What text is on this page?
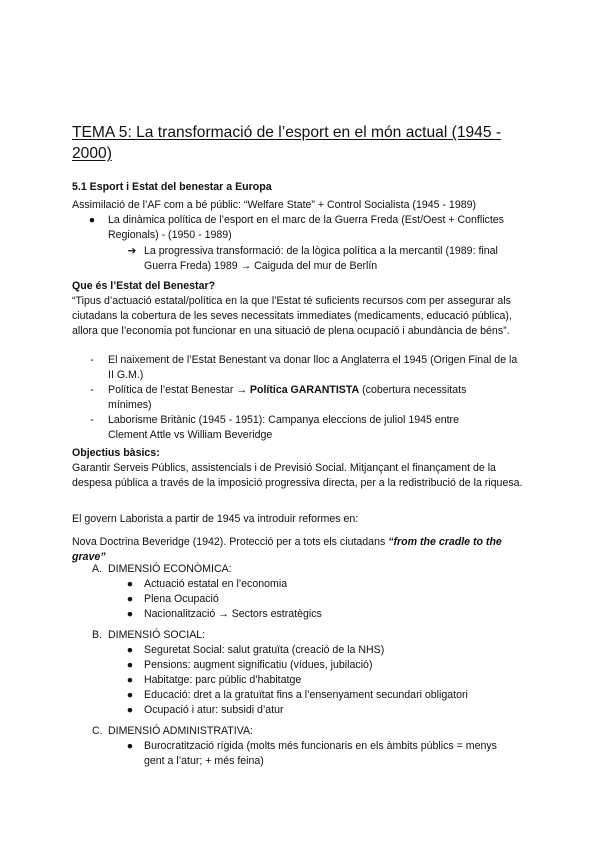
TEMA 5: La transformació de l’esport en el món actual (1945 - 2000)
5.1 Esport i Estat del benestar a Europa
Assimilació de l’AF com a bé públic: “Welfare State” + Control Socialista (1945 - 1989)
● La dinàmica política de l’esport en el marc de la Guerra Freda (Est/Oest + Conflictes Regionals) - (1950 - 1989)

➔ La progressiva transformació: de la lògica política a la mercantil (1989: final Guerra Freda) 1989 → Caiguda del mur de Berlín

Que és l’Estat del Benestar?

“Tipus d’actuació estatal/política en la que l’Estat té suficients recursos com per assegurar als ciutadans la cobertura de les seves necessitats immediates (medicaments, educació pública), allora que l’economia pot funcionar en una situació de plena ocupació i abundància de béns”.

-	El naixement de l’Estat Benestant va donar lloc a Anglaterra el 1945 (Origen Final de la II G.M.)

-	Política de l’estat Benestar → Política GARANTISTA (cobertura necessitats mínimes)

-	Laborisme Britànic (1945 - 1951): Campanya eleccions de juliol 1945 entre Clement Attle vs William Beveridge

Objectius bàsics:

Garantir Serveis Públics, assistencials i de Previsió Social. Mitjançant el finançament de la despesa pública a través de la imposició progressiva directa, per a la redistribució de la riquesa.

El govern Laborista a partir de 1945 va introduir reformes en:

Nova Doctrina Beveridge (1942). Protecció per a tots els ciutadans “from the cradle to the grave”

A. DIMENSIÓ ECONÒMICA:
● Actuació estatal en l’economia
● Plena Ocupació
● Nacionalització → Sectors estratègics
B. DIMENSIÓ SOCIAL:
● Seguretat Social: salut gratuïta (creació de la NHS)
● Pensions: augment significatiu (vídues, jubilació)
● Habitatge: parc públic d’habitatge
● Educació: dret a la gratuïtat fins a l’ensenyament secundari obligatori
● Ocupació i atur: subsidi d’atur
C. DIMENSIÓ ADMINISTRATIVA:
● Burocratització rígida (molts més funcionaris en els àmbits públics = menys gent a l’atur; + més feina)
